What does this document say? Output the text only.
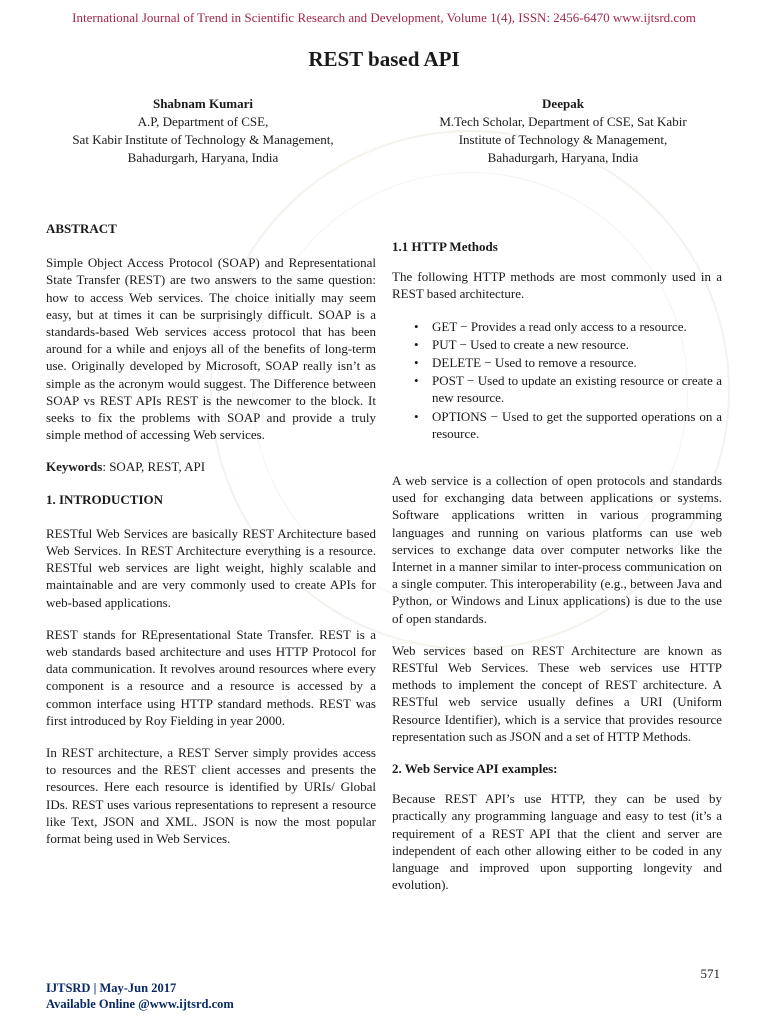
International Journal of Trend in Scientific Research and Development, Volume 1(4), ISSN: 2456-6470 www.ijtsrd.com
REST based API
Shabnam Kumari
A.P, Department of CSE,
Sat Kabir Institute of Technology & Management,
Bahadurgarh, Haryana, India
Deepak
M.Tech Scholar, Department of CSE, Sat Kabir
Institute of Technology & Management,
Bahadurgarh, Haryana, India
ABSTRACT

Simple Object Access Protocol (SOAP) and Representational State Transfer (REST) are two answers to the same question: how to access Web services. The choice initially may seem easy, but at times it can be surprisingly difficult. SOAP is a standards-based Web services access protocol that has been around for a while and enjoys all of the benefits of long-term use. Originally developed by Microsoft, SOAP really isn’t as simple as the acronym would suggest. The Difference between SOAP vs REST APIs REST is the newcomer to the block. It seeks to fix the problems with SOAP and provide a truly simple method of accessing Web services.

Keywords: SOAP, REST, API

1. INTRODUCTION

RESTful Web Services are basically REST Architecture based Web Services. In REST Architecture everything is a resource. RESTful web services are light weight, highly scalable and maintainable and are very commonly used to create APIs for web-based applications.

REST stands for REpresentational State Transfer. REST is a web standards based architecture and uses HTTP Protocol for data communication. It revolves around resources where every component is a resource and a resource is accessed by a common interface using HTTP standard methods. REST was first introduced by Roy Fielding in year 2000.

In REST architecture, a REST Server simply provides access to resources and the REST client accesses and presents the resources. Here each resource is identified by URIs/ Global IDs. REST uses various representations to represent a resource like Text, JSON and XML. JSON is now the most popular format being used in Web Services.

1.1 HTTP Methods

The following HTTP methods are most commonly used in a REST based architecture.

• GET − Provides a read only access to a resource.
• PUT − Used to create a new resource.
• DELETE − Used to remove a resource.
• POST − Used to update an existing resource or create a new resource.
• OPTIONS − Used to get the supported operations on a resource.

A web service is a collection of open protocols and standards used for exchanging data between applications or systems. Software applications written in various programming languages and running on various platforms can use web services to exchange data over computer networks like the Internet in a manner similar to inter-process communication on a single computer. This interoperability (e.g., between Java and Python, or Windows and Linux applications) is due to the use of open standards.

Web services based on REST Architecture are known as RESTful Web Services. These web services use HTTP methods to implement the concept of REST architecture. A RESTful web service usually defines a URI (Uniform Resource Identifier), which is a service that provides resource representation such as JSON and a set of HTTP Methods.

2. Web Service API examples:

Because REST API’s use HTTP, they can be used by practically any programming language and easy to test (it’s a requirement of a REST API that the client and server are independent of each other allowing either to be coded in any language and improved upon supporting longevity and evolution).

571
IJTSRD | May-Jun 2017
Available Online @www.ijtsrd.com
